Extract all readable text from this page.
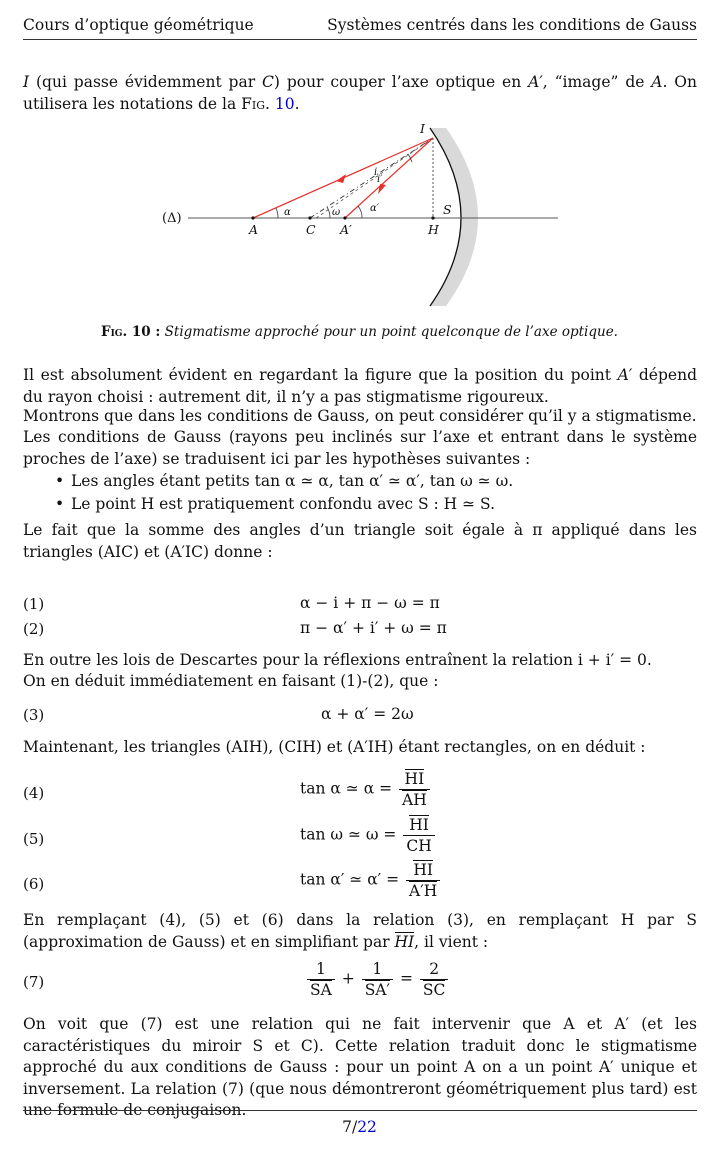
Cours d’optique géométrique	Systèmes centrés dans les conditions de Gauss
I (qui passe évidemment par C) pour couper l’axe optique en A′, “image” de A. On utilisera les notations de la Fig. 10.
(Δ)
A	C A′	H
S
I
α	ω	α′
i
i′
Fig. 10 : Stigmatisme approché pour un point quelconque de l’axe optique.
Il est absolument évident en regardant la figure que la position du point A′ dépend du rayon choisi : autrement dit, il n’y a pas stigmatisme rigoureux.
Montrons que dans les conditions de Gauss, on peut considérer qu’il y a stigmatisme.
Les conditions de Gauss (rayons peu inclinés sur l’axe et entrant dans le système proches de l’axe) se traduisent ici par les hypothèses suivantes :
• Les angles étant petits tan α ≃ α, tan α′ ≃ α′, tan ω ≃ ω.
• Le point H est pratiquement confondu avec S : H ≃ S.
Le fait que la somme des angles d’un triangle soit égale à π appliqué dans les triangles (AIC) et (A′IC) donne :
(1)	α − i + π − ω = π
(2)	π − α′ + i′ + ω = π
En outre les lois de Descartes pour la réflexions entraînent la relation i + i′ = 0.
On en déduit immédiatement en faisant (1)-(2), que :
(3)	α + α′ = 2ω
Maintenant, les triangles (AIH), (CIH) et (A′IH) étant rectangles, on en déduit :
(4)	tan α ≃ $\alpha = \frac{HI}{AH}$
(5)	tan ω ≃ $\omega = \frac{HI}{CH}$
(6)	tan α′ ≃ $\alpha' = \frac{HI}{A'H}$
En remplaçant (4), (5) et (6) dans la relation (3), en remplaçant H par S (approximation de Gauss) et en simplifiant par HI, il vient :
(7)	$\frac{1}{SA} + \frac{1}{SA'} = \frac{2}{SC}$
On voit que (7) est une relation qui ne fait intervenir que A et A′ (et les caractéristiques du miroir S et C). Cette relation traduit donc le stigmatisme approché du aux conditions de Gauss : pour un point A on a un point A′ unique et inversement. La relation (7) (que nous démontreront géométriquement plus tard) est une formule de conjugaison.
7/22
